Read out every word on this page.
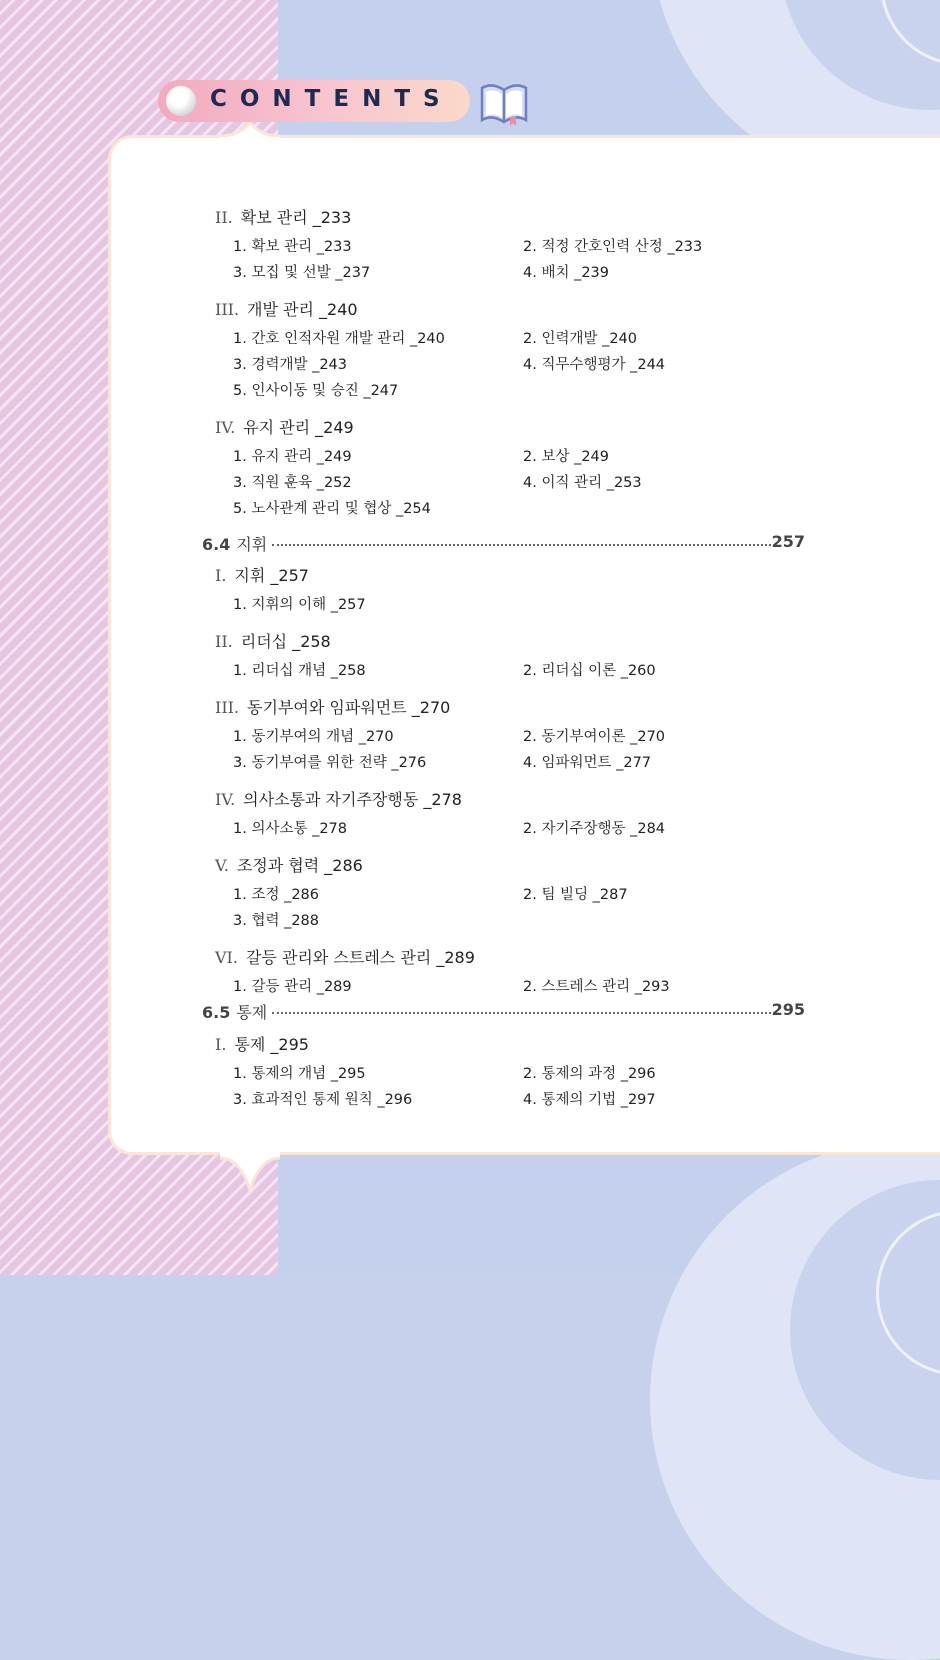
CONTENTS
II. 확보 관리 _233
1. 확보 관리 _233	2. 적정 간호인력 산정 _233
3. 모집 및 선발 _237	4. 배치 _239
III. 개발 관리 _240
1. 간호 인적자원 개발 관리 _240	2. 인력개발 _240
3. 경력개발 _243	4. 직무수행평가 _244
5. 인사이동 및 승진 _247
IV. 유지 관리 _249
1. 유지 관리 _249	2. 보상 _249
3. 직원 훈육 _252	4. 이직 관리 _253
5. 노사관계 관리 및 협상 _254
6.4 지휘	257
I. 지휘 _257
1. 지휘의 이해 _257
II. 리더십 _258
1. 리더십 개념 _258	2. 리더십 이론 _260
III. 동기부여와 임파워먼트 _270
1. 동기부여의 개념 _270	2. 동기부여이론 _270
3. 동기부여를 위한 전략 _276	4. 임파워먼트 _277
IV. 의사소통과 자기주장행동 _278
1. 의사소통 _278	2. 자기주장행동 _284
V. 조정과 협력 _286
1. 조정 _286	2. 팀 빌딩 _287
3. 협력 _288
VI. 갈등 관리와 스트레스 관리 _289
1. 갈등 관리 _289	2. 스트레스 관리 _293
6.5 통제	295
I. 통제 _295
1. 통제의 개념 _295	2. 통제의 과정 _296
3. 효과적인 통제 원칙 _296	4. 통제의 기법 _297
